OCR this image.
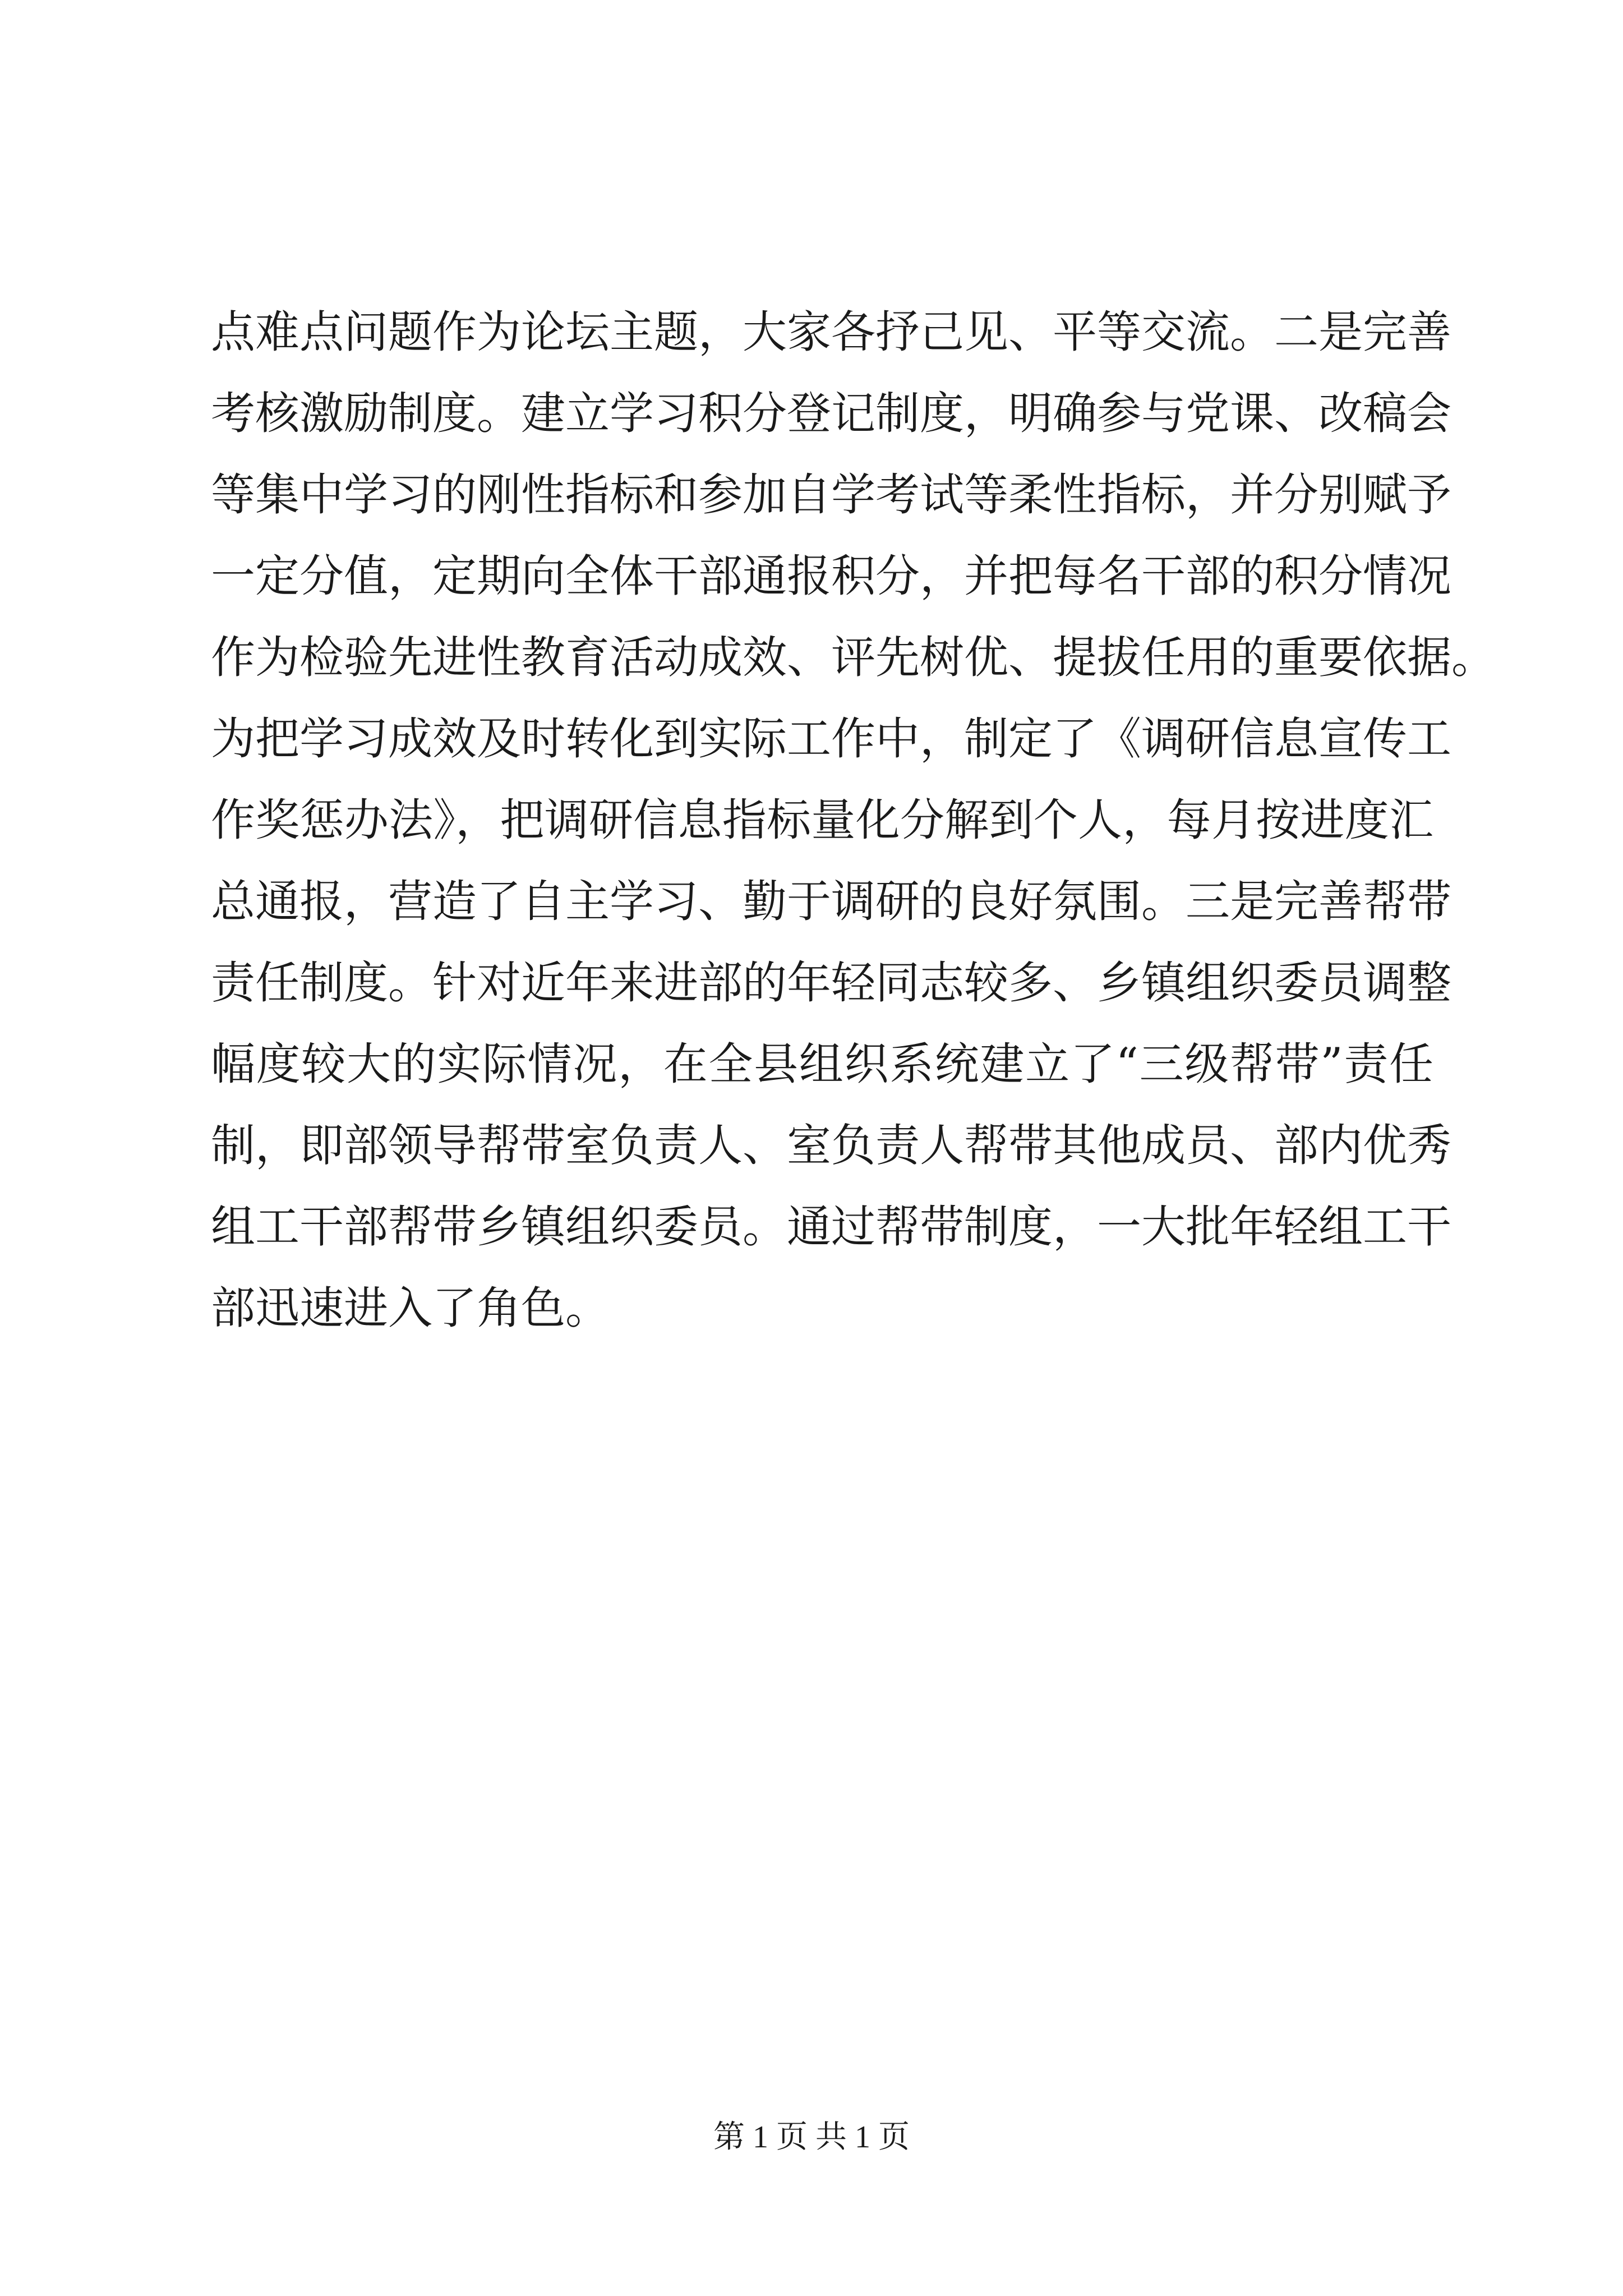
点难点问题作为论坛主题，大家各抒己见、平等交流。二是完善
考核激励制度。建立学习积分登记制度，明确参与党课、改稿会
等集中学习的刚性指标和参加自学考试等柔性指标，并分别赋予
一定分值，定期向全体干部通报积分，并把每名干部的积分情况
作为检验先进性教育活动成效、评先树优、提拔任用的重要依据。
为把学习成效及时转化到实际工作中，制定了《调研信息宣传工
作奖惩办法》，把调研信息指标量化分解到个人，每月按进度汇
总通报，营造了自主学习、勤于调研的良好氛围。三是完善帮带
责任制度。针对近年来进部的年轻同志较多、乡镇组织委员调整
幅度较大的实际情况，在全县组织系统建立了“三级帮带”责任
制，即部领导帮带室负责人、室负责人帮带其他成员、部内优秀
组工干部帮带乡镇组织委员。通过帮带制度，一大批年轻组工干
部迅速进入了角色。
第 1 页 共 1 页
